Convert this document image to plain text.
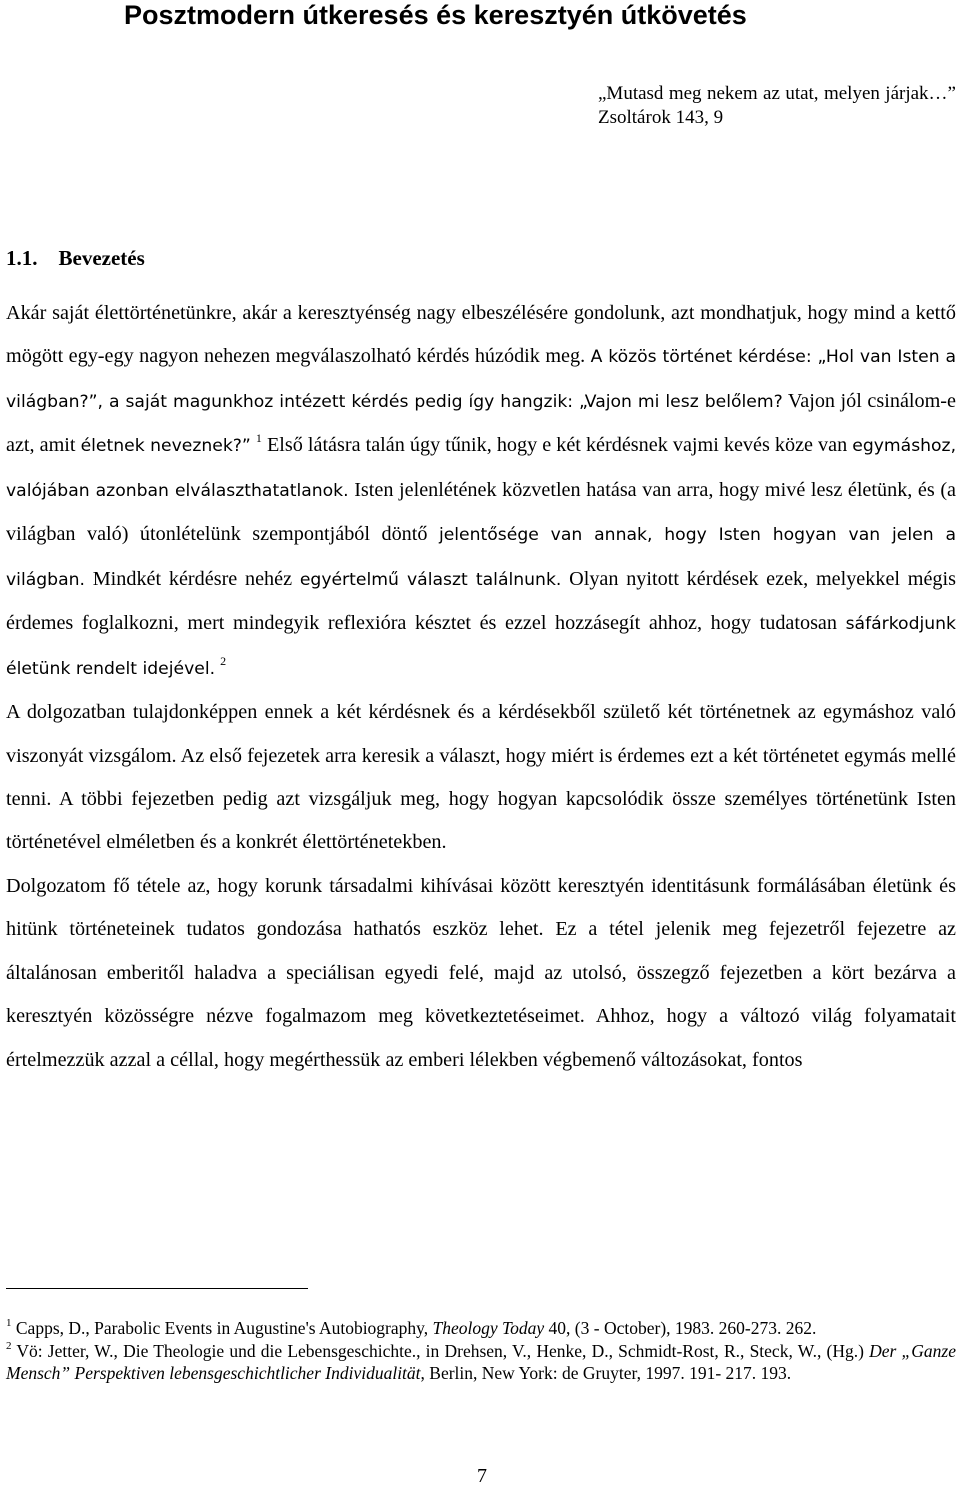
Posztmodern útkeresés és keresztyén útkövetés
„Mutasd meg nekem az utat, melyen járjak…” Zsoltárok 143, 9
1.1. Bevezetés

Akár saját élettörténetünkre, akár a keresztyénség nagy elbeszélésére gondolunk, azt mondhatjuk, hogy mind a kettő mögött egy-egy nagyon nehezen megválaszolható kérdés húzódik meg. A közös történet kérdése: „Hol van Isten a világban?”, a saját magunkhoz intézett kérdés pedig így hangzik: „Vajon mi lesz belőlem? Vajon jól csinálom-e azt, amit életnek neveznek?” $^1$ Első látásra talán úgy tűnik, hogy e két kérdésnek vajmi kevés köze van egymáshoz, valójában azonban elválaszthatatlanok. Isten jelenlétének közvetlen hatása van arra, hogy mivé lesz életünk, és (a világban való) útonlételünk szempontjából döntő jelentősége van annak, hogy Isten hogyan van jelen a világban. Mindkét kérdésre nehéz egyértelmű választ találnunk. Olyan nyitott kérdések ezek, melyekkel mégis érdemes foglalkozni, mert mindegyik reflexióra késztet és ezzel hozzásegít ahhoz, hogy tudatosan sáfárkodjunk életünk rendelt idejével. $^2$

A dolgozatban tulajdonképpen ennek a két kérdésnek és a kérdésekből születő két történetnek az egymáshoz való viszonyát vizsgálom. Az első fejezetek arra keresik a választ, hogy miért is érdemes ezt a két történetet egymás mellé tenni. A többi fejezetben pedig azt vizsgáljuk meg, hogy hogyan kapcsolódik össze személyes történetünk Isten történetével elméletben és a konkrét élettörténetekben.

Dolgozatom fő tétele az, hogy korunk társadalmi kihívásai között keresztyén identitásunk formálásában életünk és hitünk történeteinek tudatos gondozása hathatós eszköz lehet. Ez a tétel jelenik meg fejezetről fejezetre az általánosan emberitől haladva a speciálisan egyedi felé, majd az utolsó, összegző fejezetben a kört bezárva a keresztyén közösségre nézve fogalmazom meg következtetéseimet. Ahhoz, hogy a változó világ folyamatait értelmezzük azzal a céllal, hogy megérthessük az emberi lélekben végbemenő változásokat, fontos

$^1$ Capps, D., Parabolic Events in Augustine's Autobiography, Theology Today 40, (3 - October), 1983. 260-273. 262.

$^2$ Vö: Jetter, W., Die Theologie und die Lebensgeschichte., in Drehsen, V., Henke, D., Schmidt-Rost, R., Steck, W., (Hg.) Der „Ganze Mensch” Perspektiven lebensgeschichtlicher Individualität, Berlin, New York: de Gruyter, 1997. 191- 217. 193.

7
